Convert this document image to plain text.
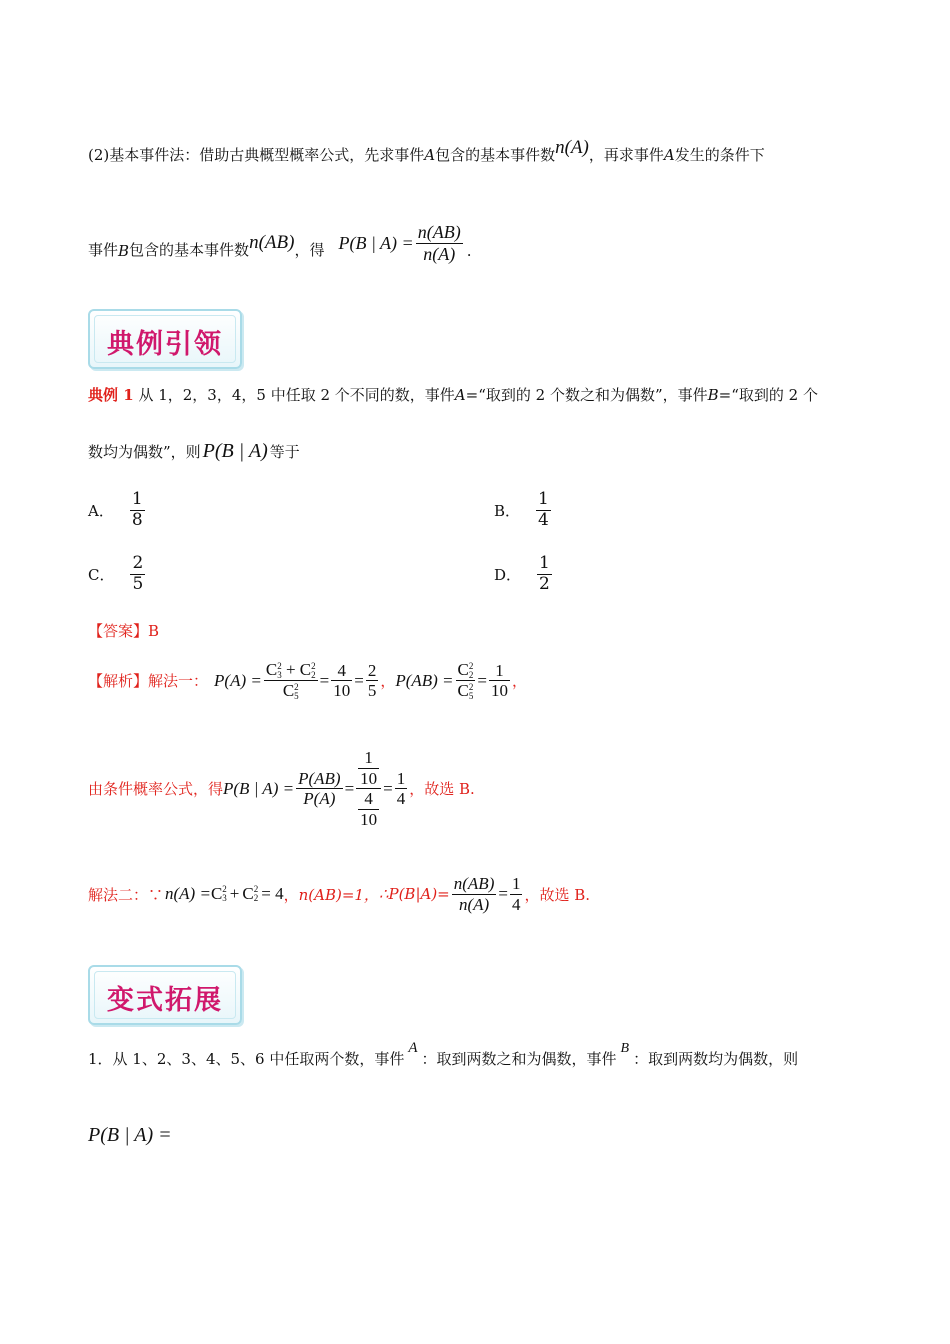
(2)基本事件法：借助古典概型概率公式，先求事件A包含的基本事件数n(A)，再求事件A发生的条件下
事件 B 包含的基本事件数 n(AB) ，得 P(B | $A) = \frac{n(AB)}{n(A)}$ .
典例引领
典例 1 从 1，2，3，4，5 中任取 2 个不同的数，事件A=“取到的 2 个数之和为偶数”，事件B=“取到的 2 个
数均为偶数”，则 P(B | A) 等于
A． $\frac{1}{8}$	B． $\frac{1}{4}$
C． $\frac{2}{5}$	D． $\frac{1}{2}$
【答案】B
【解析】 解法一： P(A) = C 2
3 + C 2
2
C 2
$5 = \frac{4}{10} = \frac{2}{5}$ ， P(AB) = C 2
2
C 2
$5 = \frac{1}{10}$ ，
由条件概率公式，得 P(B | $A) = \frac{P(AB)}{P(A)} = \frac{\frac{1}{10}}{\frac{4}{10}} = \frac{1}{4}$ ，故选 B.
解法二：∵ n(A) = C 2
3 + C 2
2 = 4 ， n(AB)=1， ∴P(B|A)= $\frac{n(AB)}{n(A)} = \frac{1}{4}$ ，故选 B.
变式拓展
1．从 1、2、3、4、5、6 中任取两个数，事件
A
：取到两数之和为偶数，事件
B
：取到两数均为偶数，则
P(B | A) =
